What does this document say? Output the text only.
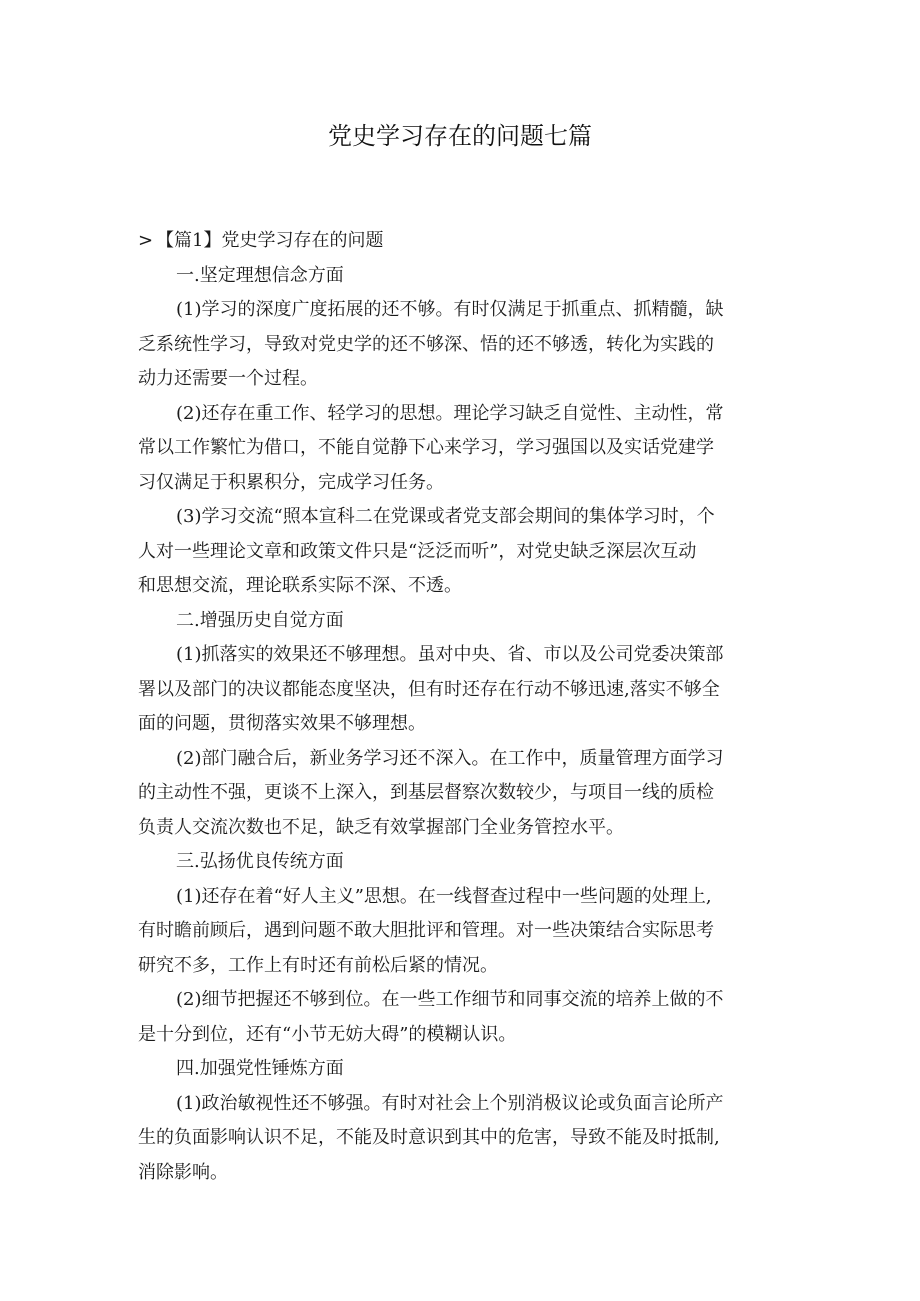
党史学习存在的问题七篇
> 【篇1】党史学习存在的问题

一.坚定理想信念方面

(1)学习的深度广度拓展的还不够。有时仅满足于抓重点、抓精髓，缺

乏系统性学习，导致对党史学的还不够深、悟的还不够透，转化为实践的

动力还需要一个过程。

(2)还存在重工作、轻学习的思想。理论学习缺乏自觉性、主动性，常

常以工作繁忙为借口，不能自觉静下心来学习，学习强国以及实话党建学

习仅满足于积累积分，完成学习任务。

(3)学习交流“照本宣科二在党课或者党支部会期间的集体学习时，个

人对一些理论文章和政策文件只是“泛泛而听”，对党史缺乏深层次互动

和思想交流，理论联系实际不深、不透。

二.增强历史自觉方面

(1)抓落实的效果还不够理想。虽对中央、省、市以及公司党委决策部

署以及部门的决议都能态度坚决，但有时还存在行动不够迅速,落实不够全

面的问题，贯彻落实效果不够理想。

(2)部门融合后，新业务学习还不深入。在工作中，质量管理方面学习

的主动性不强，更谈不上深入，到基层督察次数较少，与项目一线的质检

负责人交流次数也不足，缺乏有效掌握部门全业务管控水平。

三.弘扬优良传统方面

(1)还存在着“好人主义”思想。在一线督查过程中一些问题的处理上,

有时瞻前顾后，遇到问题不敢大胆批评和管理。对一些决策结合实际思考

研究不多，工作上有时还有前松后紧的情况。

(2)细节把握还不够到位。在一些工作细节和同事交流的培养上做的不

是十分到位，还有“小节无妨大碍”的模糊认识。

四.加强党性锤炼方面

(1)政治敏视性还不够强。有时对社会上个别消极议论或负面言论所产

生的负面影响认识不足，不能及时意识到其中的危害，导致不能及时抵制,

消除影响。
